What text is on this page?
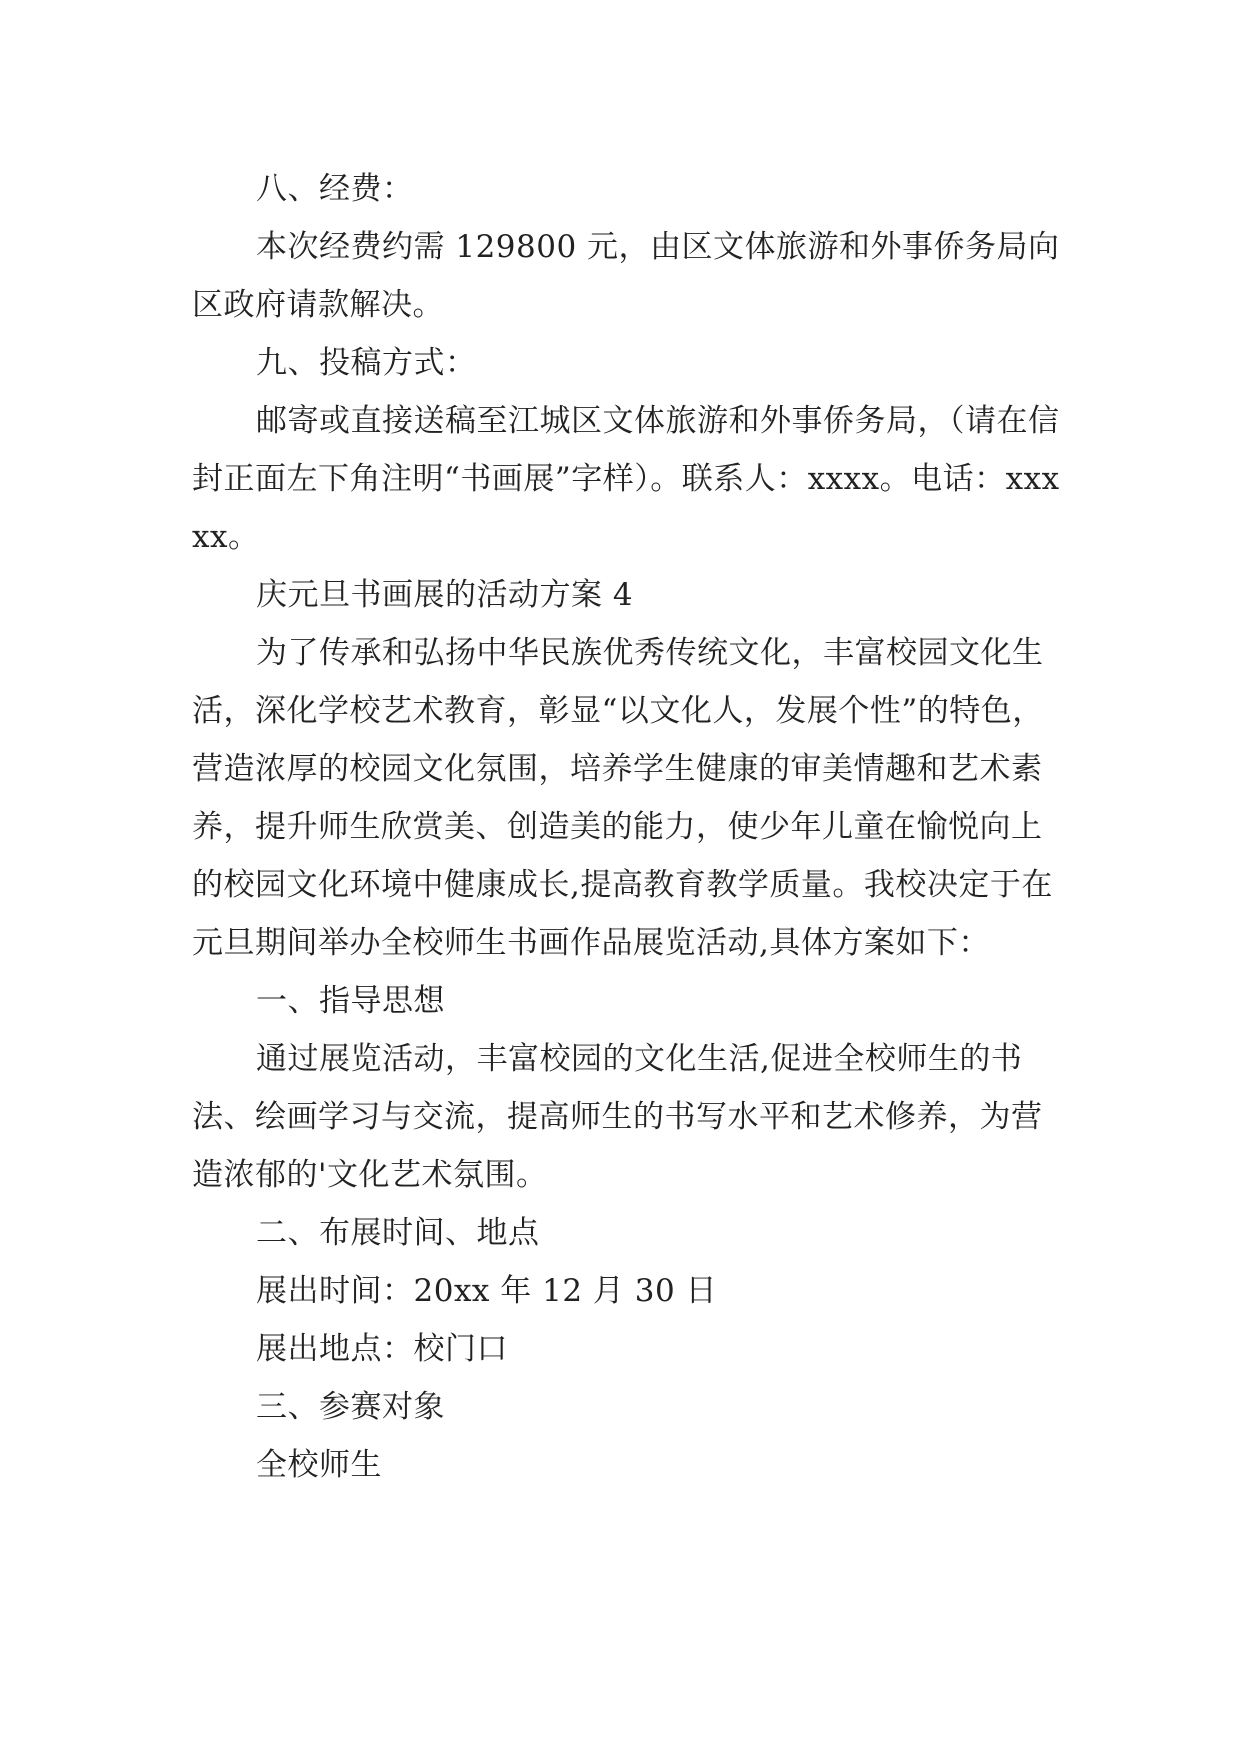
八、经费：

本次经费约需 129800 元，由区文体旅游和外事侨务局向区政府请款解决。

九、投稿方式：

邮寄或直接送稿至江城区文体旅游和外事侨务局，（请在信封正面左下角注明“书画展”字样）。联系人：xxxx。电话：xxxxx。

庆元旦书画展的活动方案 4

为了传承和弘扬中华民族优秀传统文化，丰富校园文化生活，深化学校艺术教育，彰显“以文化人，发展个性”的特色，营造浓厚的校园文化氛围，培养学生健康的审美情趣和艺术素养，提升师生欣赏美、创造美的能力，使少年儿童在愉悦向上的校园文化环境中健康成长,提高教育教学质量。我校决定于在元旦期间举办全校师生书画作品展览活动,具体方案如下：

一、指导思想

通过展览活动，丰富校园的文化生活,促进全校师生的书法、绘画学习与交流，提高师生的书写水平和艺术修养，为营造浓郁的'文化艺术氛围。

二、布展时间、地点

展出时间：20xx 年 12 月 30 日

展出地点：校门口

三、参赛对象

全校师生
